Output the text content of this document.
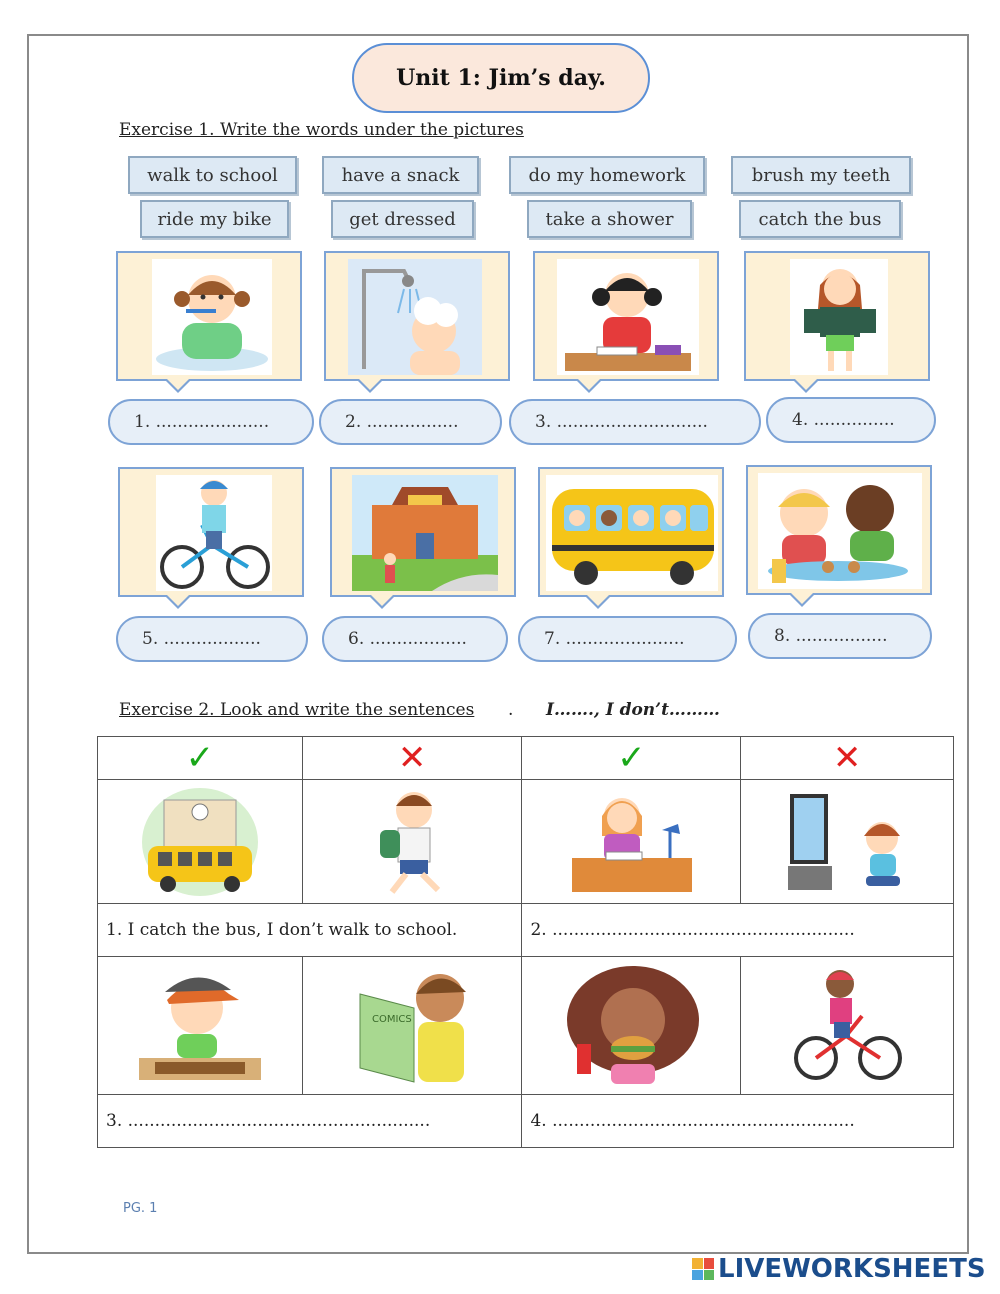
Unit 1: Jim’s day.
Exercise 1. Write the words under the pictures
walk to school	have a snack	do my homework	brush my teeth
ride my bike	get dressed	take a shower	catch the bus
1. .....................	2. .................	3. ............................	4. ...............
5. ..................	6. ..................	7. ......................	8. .................
Exercise 2. Look and write the sentences . I……., I don’t………
✓	✕	✓	✕

1. I catch the bus, I don’t walk to school.		2. ........................................................	

COMICS

3. ........................................................		4. ........................................................	
PG. 1
LIVEWORKSHEETS
